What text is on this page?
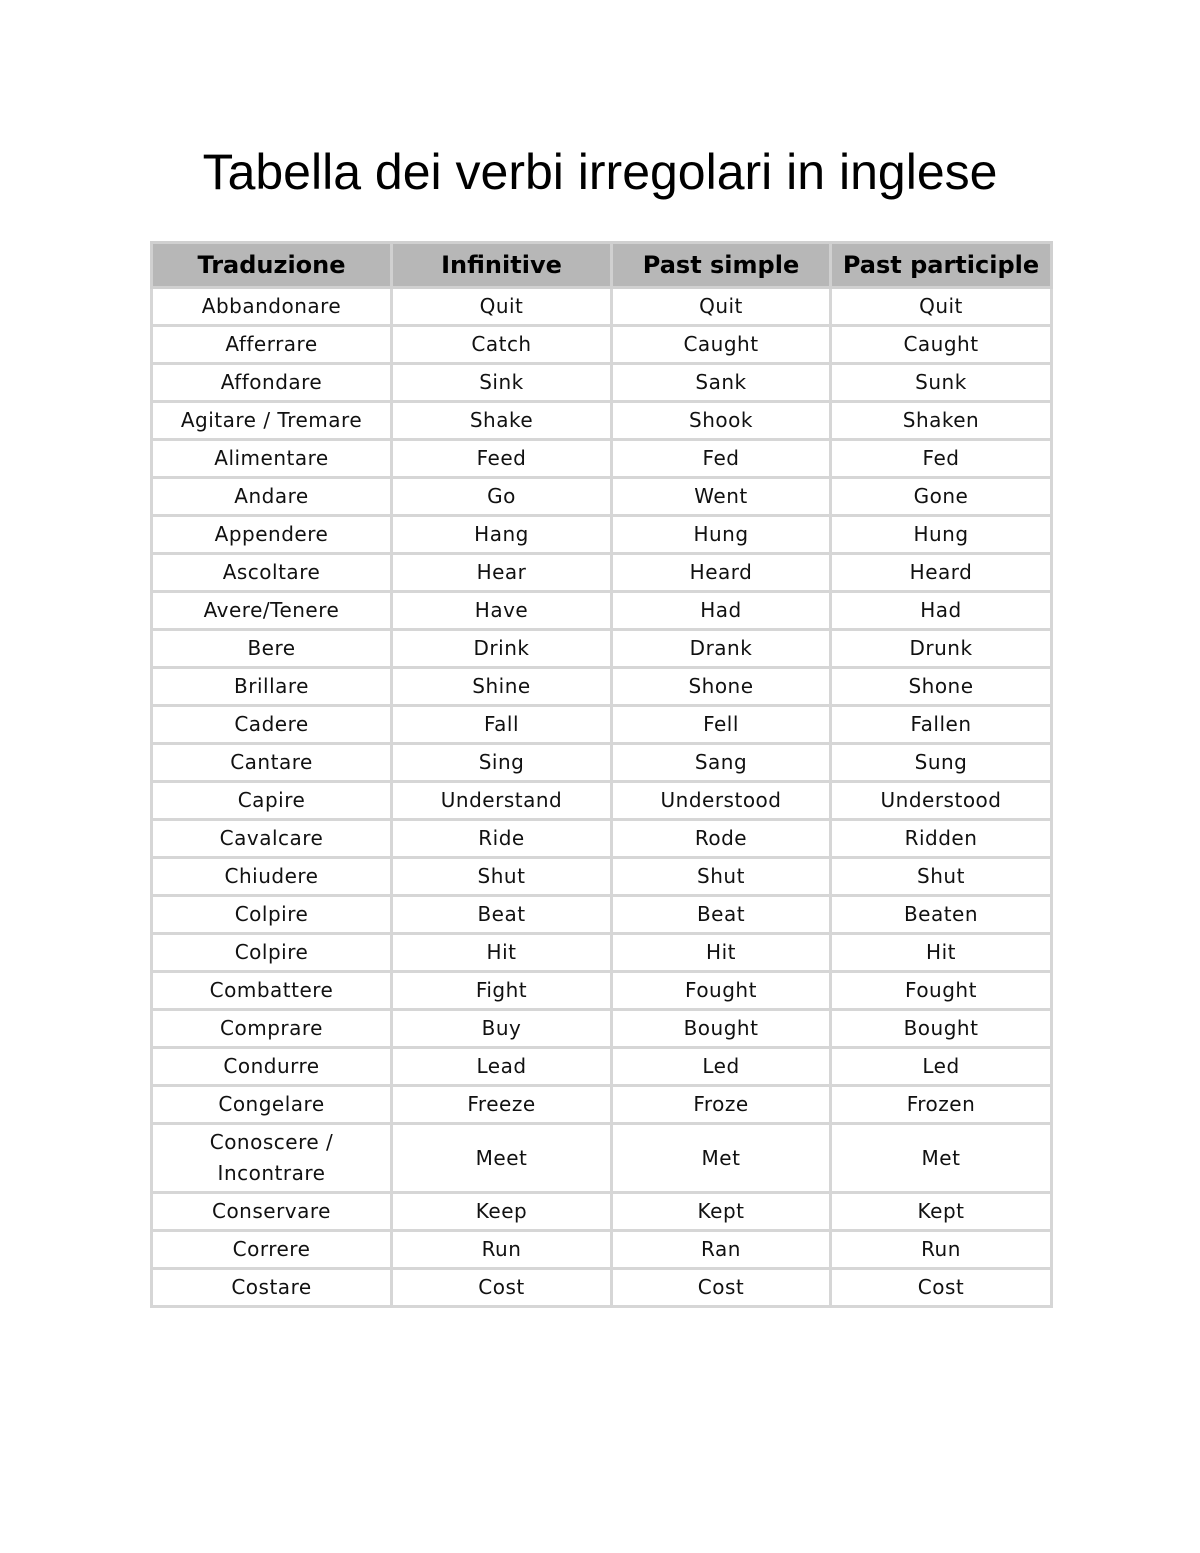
Tabella dei verbi irregolari in inglese
Traduzione	Infinitive	Past simple	Past participle
Abbandonare	Quit	Quit	Quit
Afferrare	Catch	Caught	Caught
Affondare	Sink	Sank	Sunk
Agitare / Tremare	Shake	Shook	Shaken
Alimentare	Feed	Fed	Fed
Andare	Go	Went	Gone
Appendere	Hang	Hung	Hung
Ascoltare	Hear	Heard	Heard
Avere/Tenere	Have	Had	Had
Bere	Drink	Drank	Drunk
Brillare	Shine	Shone	Shone
Cadere	Fall	Fell	Fallen
Cantare	Sing	Sang	Sung
Capire	Understand	Understood	Understood
Cavalcare	Ride	Rode	Ridden
Chiudere	Shut	Shut	Shut
Colpire	Beat	Beat	Beaten
Colpire	Hit	Hit	Hit
Combattere	Fight	Fought	Fought
Comprare	Buy	Bought	Bought
Condurre	Lead	Led	Led
Congelare	Freeze	Froze	Frozen
Conoscere / Incontrare	Meet	Met	Met
Conservare	Keep	Kept	Kept
Correre	Run	Ran	Run
Costare	Cost	Cost	Cost
